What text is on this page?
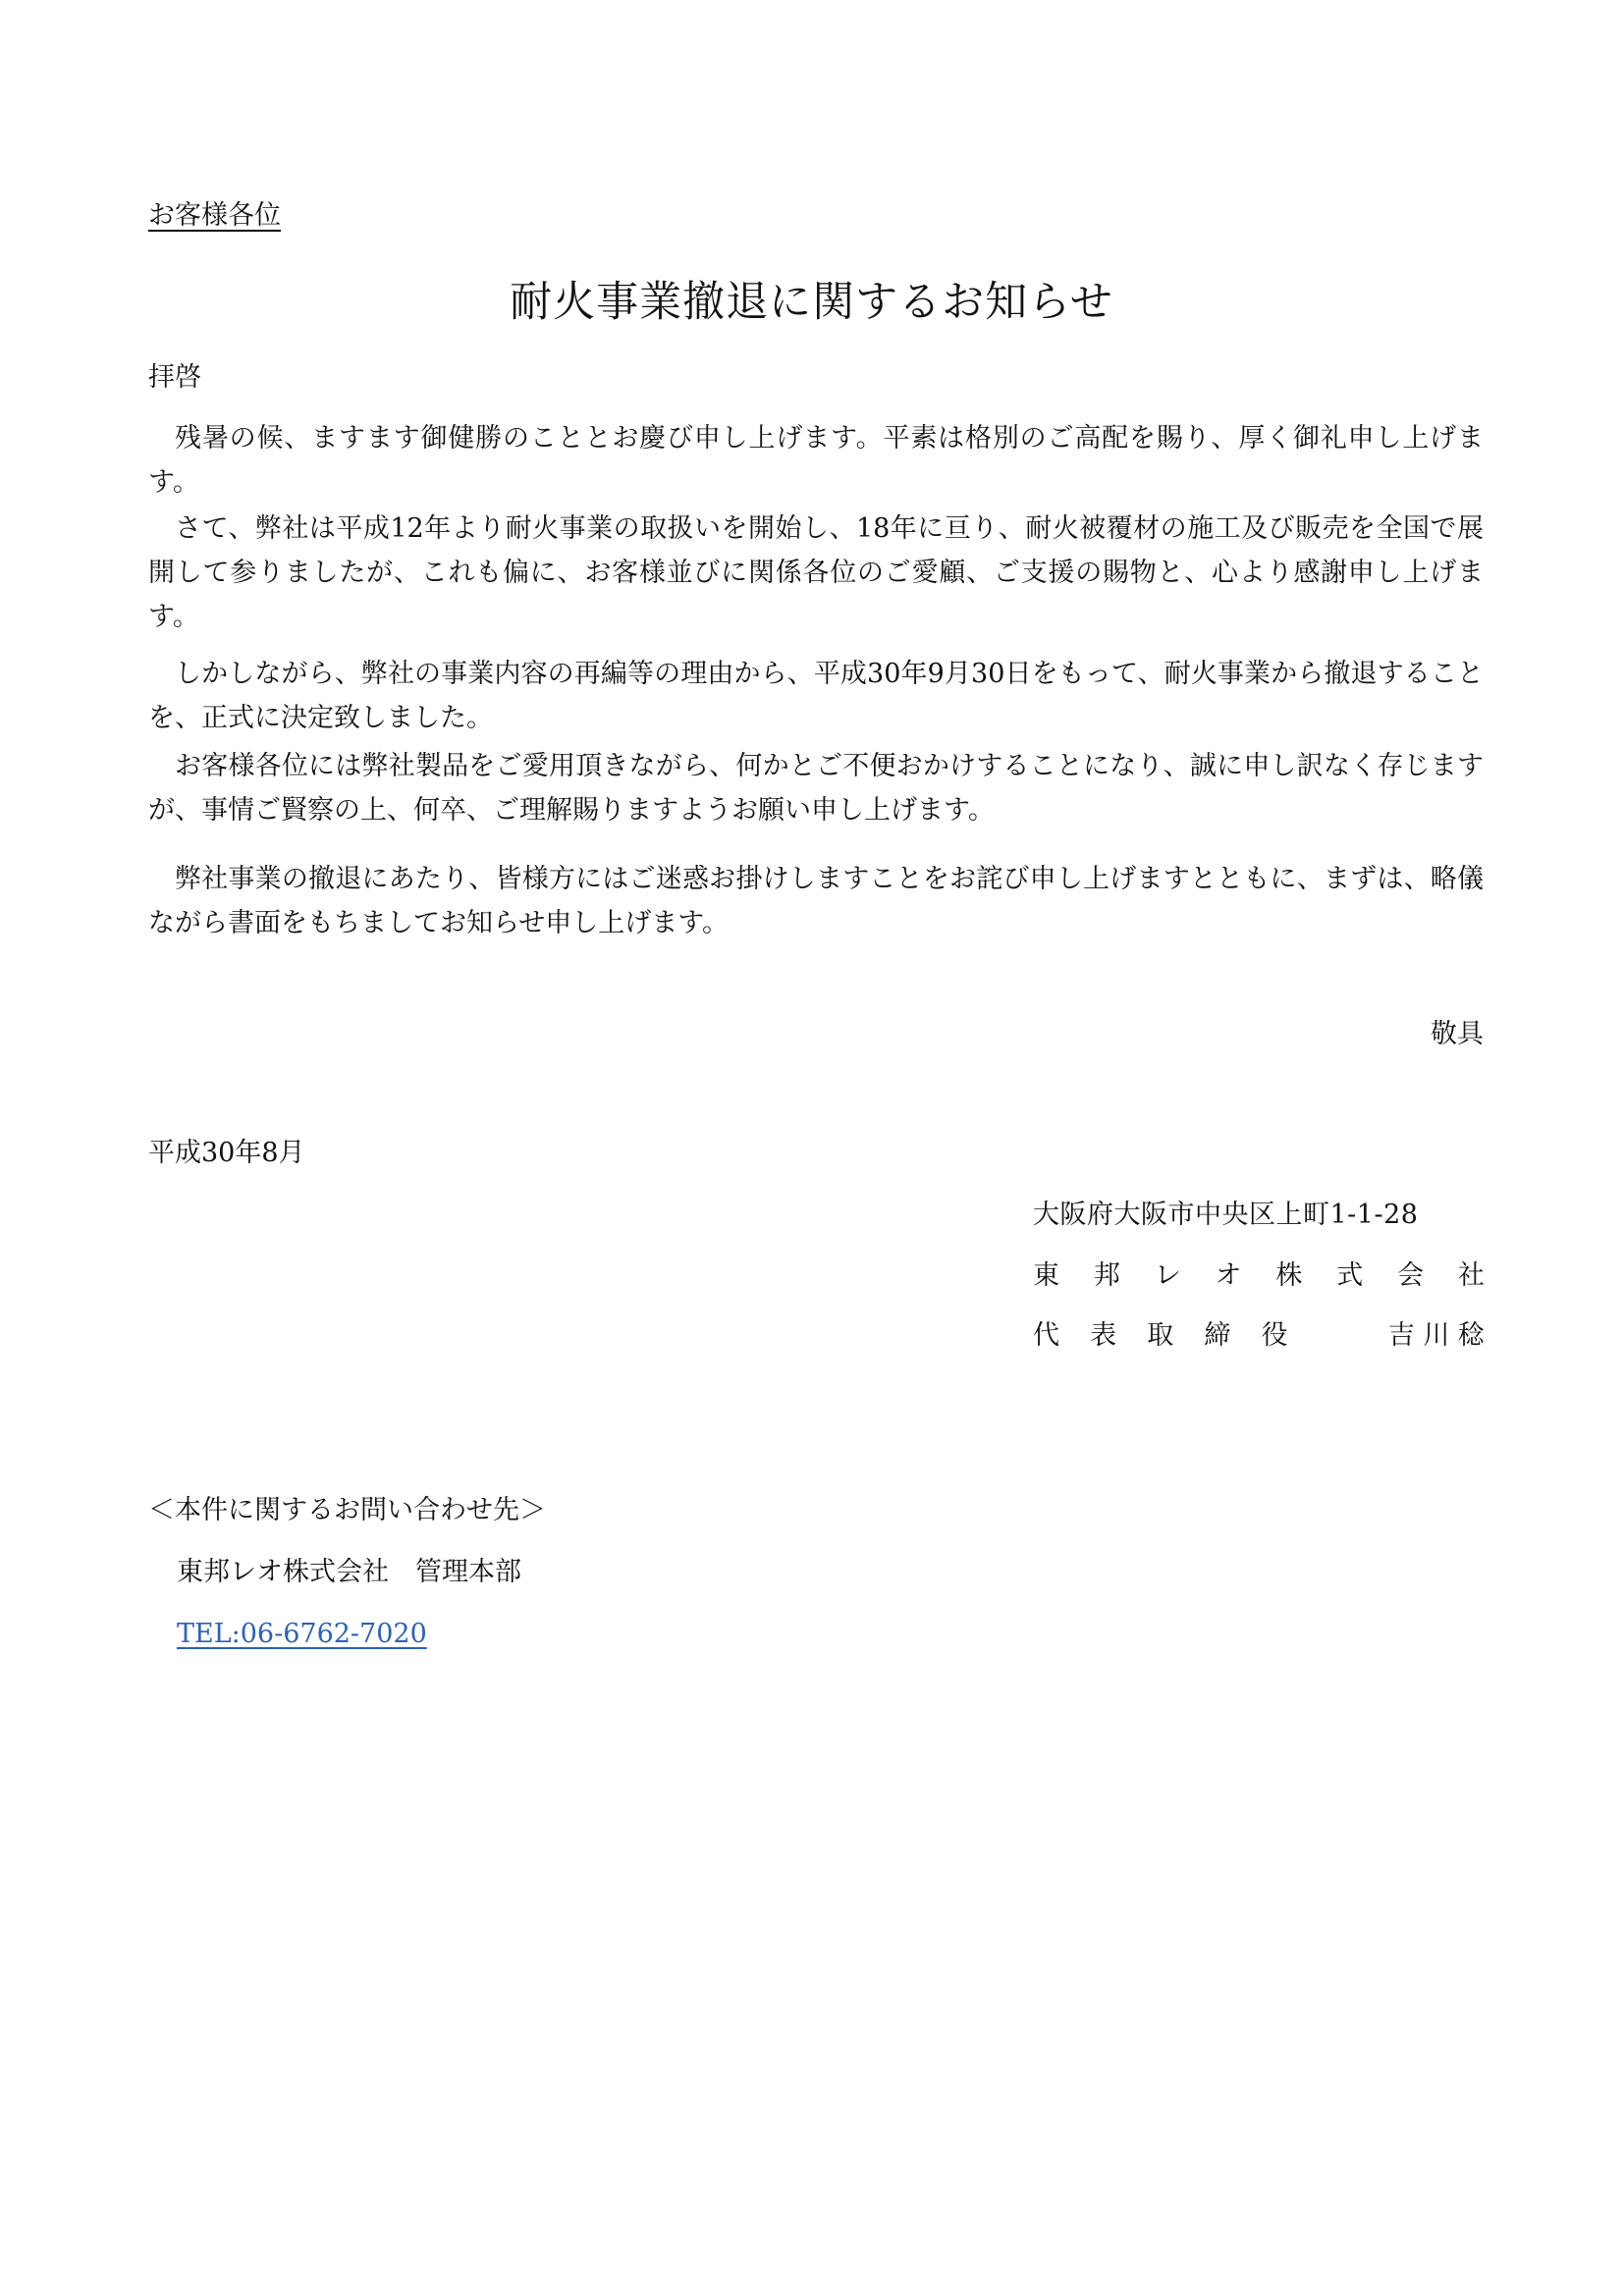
お客様各位
耐火事業撤退に関するお知らせ
拝啓
残暑の候、ますます御健勝のこととお慶び申し上げます。平素は格別のご高配を賜り、厚く御礼申し上げます。
さて、弊社は平成12年より耐火事業の取扱いを開始し、18年に亘り、耐火被覆材の施工及び販売を全国で展開して参りましたが、これも偏に、お客様並びに関係各位のご愛顧、ご支援の賜物と、心より感謝申し上げます。
しかしながら、弊社の事業内容の再編等の理由から、平成30年9月30日をもって、耐火事業から撤退することを、正式に決定致しました。
お客様各位には弊社製品をご愛用頂きながら、何かとご不便おかけすることになり、誠に申し訳なく存じますが、事情ご賢察の上、何卒、ご理解賜りますようお願い申し上げます。
弊社事業の撤退にあたり、皆様方にはご迷惑お掛けしますことをお詫び申し上げますとともに、まずは、略儀ながら書面をもちましてお知らせ申し上げます。
敬具
平成30年8月
大阪府大阪市中央区上町1-1-28
東 邦 レ オ 株 式 会 社
代 表 取 締 役	吉 川 稔
＜本件に関するお問い合わせ先＞
東邦レオ株式会社　管理本部
TEL:06-6762-7020
